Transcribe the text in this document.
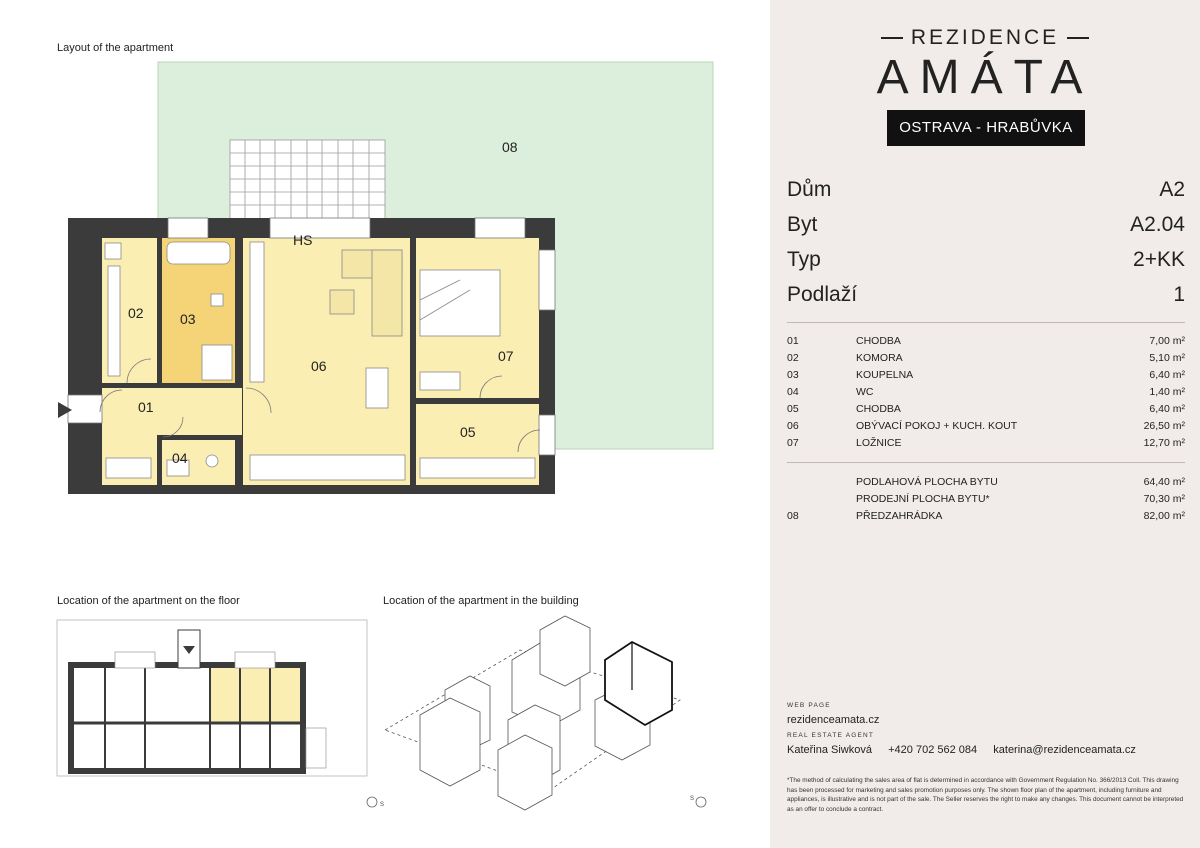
Layout of the apartment
02	03
01
04
06
07
05
08
HS
S
S
Location of the apartment on the floor	Location of the apartment in the building
REZIDENCE
AMÁTA
OSTRAVA - HRABŮVKA
Dům	A2
Byt	A2.04
Typ	2+KK
Podlaží	1
01	CHODBA	7,00 m²
02	KOMORA	5,10 m²
03	KOUPELNA	6,40 m²
04	WC	1,40 m²
05	CHODBA	6,40 m²
06	OBÝVACÍ POKOJ + KUCH. KOUT	26,50 m²
07	LOŽNICE	12,70 m²
PODLAHOVÁ PLOCHA BYTU	64,40 m²
PRODEJNÍ PLOCHA BYTU*	70,30 m²
08	PŘEDZAHRÁDKA	82,00 m²
WEB PAGE
rezidenceamata.cz
REAL ESTATE AGENT
Kateřina Siwková +420 702 562 084 katerina@rezidenceamata.cz
*The method of calculating the sales area of flat is determined in accordance with Government Regulation No. 366/2013 Coll. This drawing has been processed for marketing and sales promotion purposes only. The shown floor plan of the apartment, including furniture and appliances, is illustrative and is not part of the sale. The Seller reserves the right to make any changes. This document cannot be interpreted as an offer to conclude a contract.
